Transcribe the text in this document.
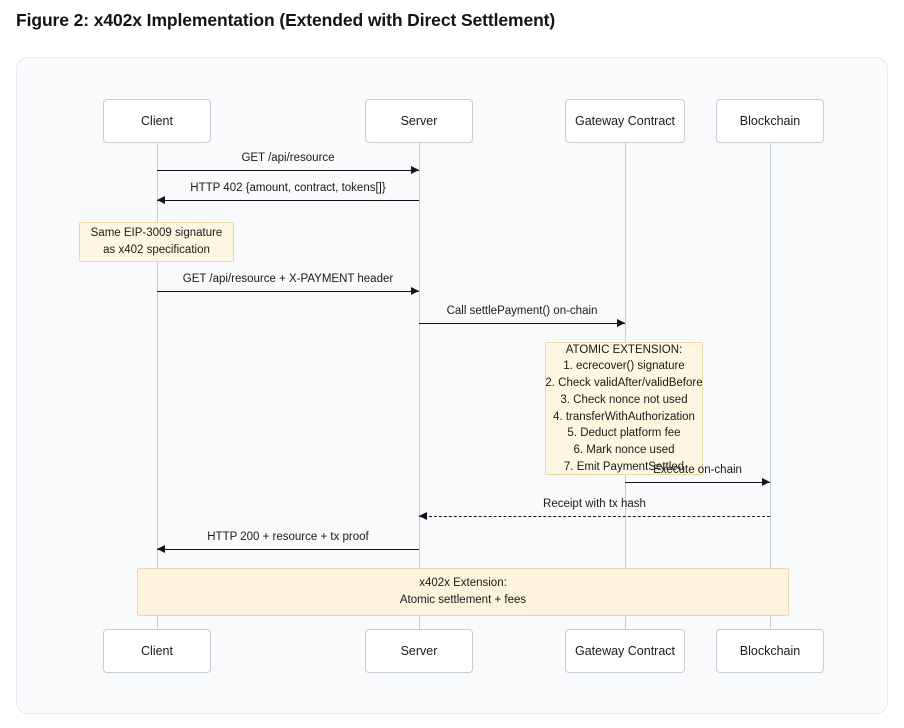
Figure 2: x402x Implementation (Extended with Direct Settlement)
Client	Server	Gateway Contract	Blockchain
Client	Server	Gateway Contract	Blockchain
GET /api/resource
HTTP 402 {amount, contract, tokens[]}
Same EIP-3009 signature
as x402 specification
GET /api/resource + X-PAYMENT header
Call settlePayment() on-chain
ATOMIC EXTENSION:
1. ecrecover() signature
2. Check validAfter/validBefore
3. Check nonce not used
4. transferWithAuthorization
5. Deduct platform fee
6. Mark nonce used
7. Emit PaymentSettled
Execute on-chain
Receipt with tx hash
HTTP 200 + resource + tx proof
x402x Extension:
Atomic settlement + fees
